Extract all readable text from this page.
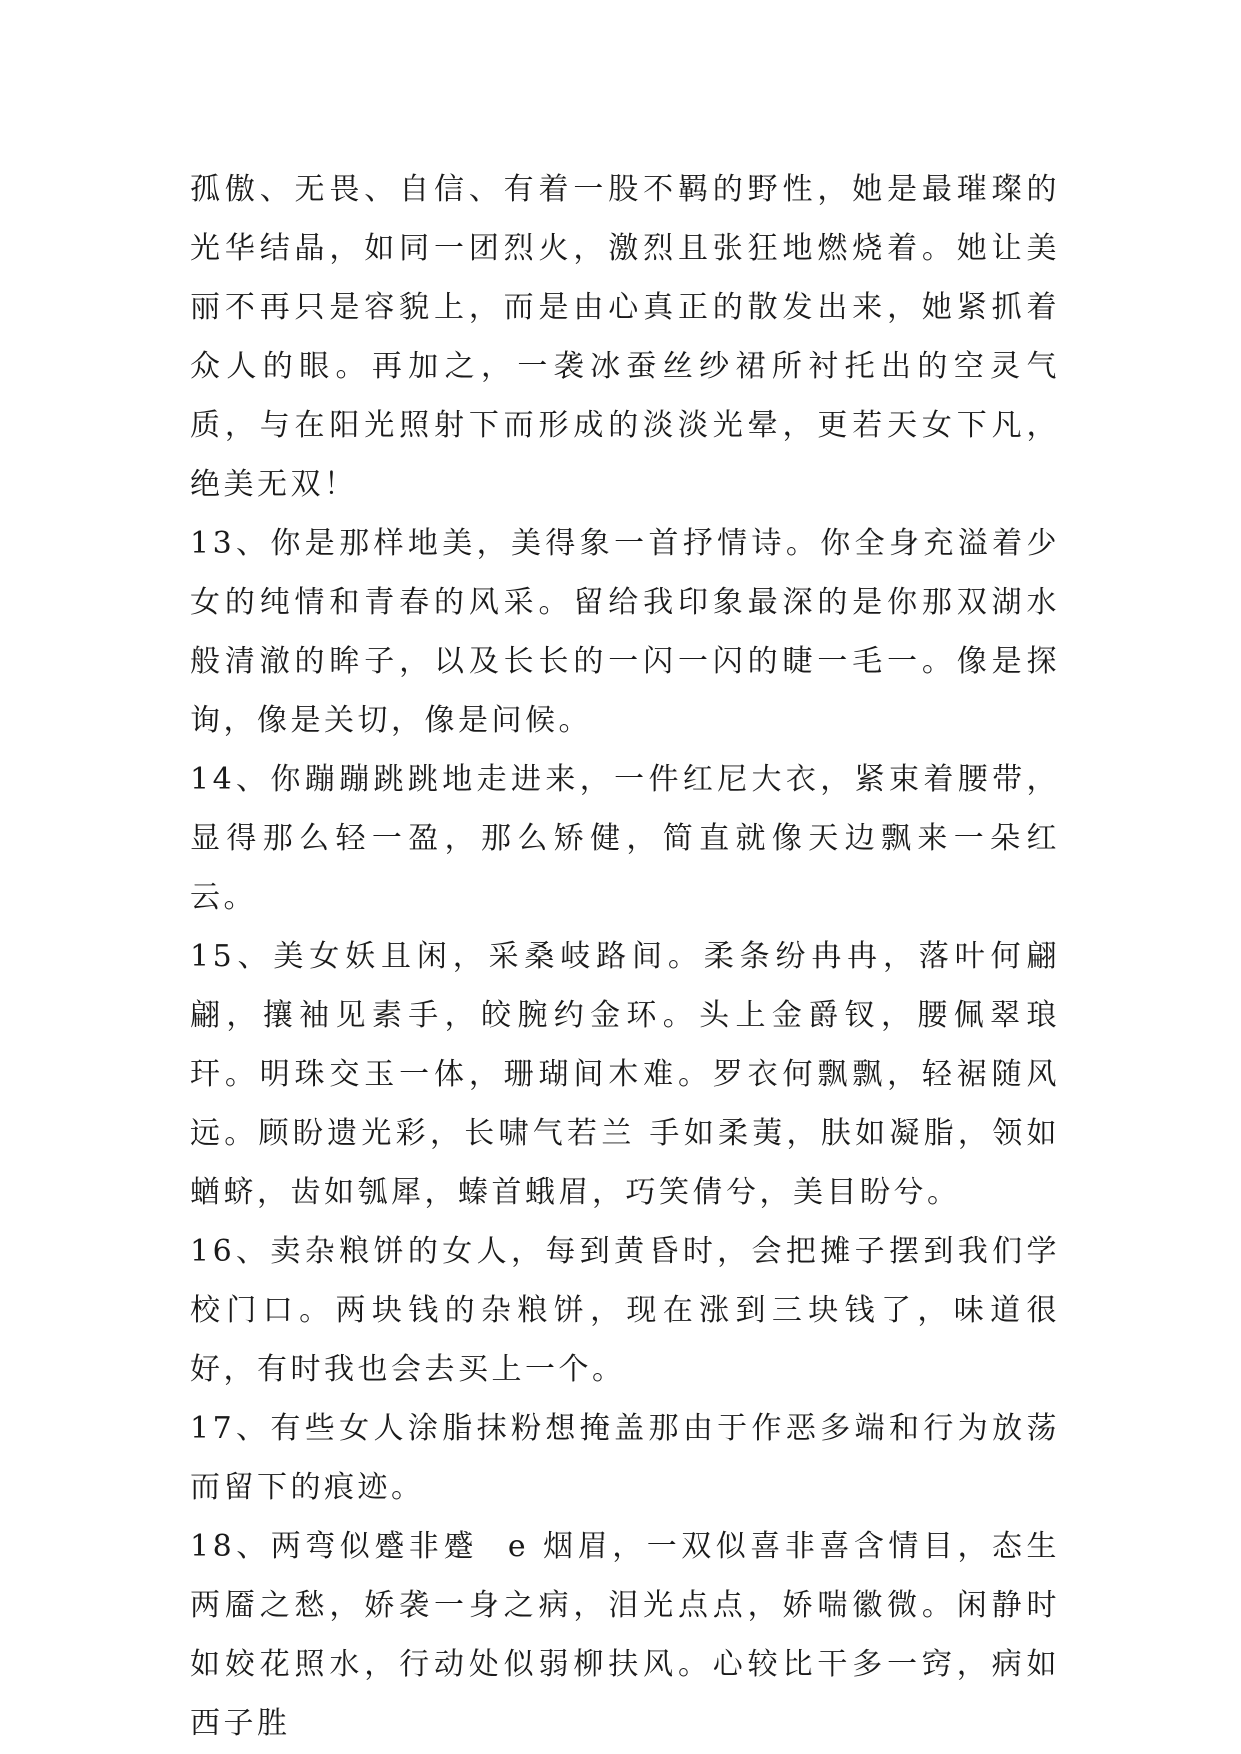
孤傲、无畏、自信、有着一股不羁的野性，她是最璀璨的光华结晶，如同一团烈火，激烈且张狂地燃烧着。她让美丽不再只是容貌上，而是由心真正的散发出来，她紧抓着众人的眼。再加之，一袭冰蚕丝纱裙所衬托出的空灵气质，与在阳光照射下而形成的淡淡光晕，更若天女下凡，绝美无双！

13、你是那样地美，美得象一首抒情诗。你全身充溢着少女的纯情和青春的风采。留给我印象最深的是你那双湖水般清澈的眸子，以及长长的一闪一闪的睫一毛一。像是探询，像是关切，像是问候。

14、你蹦蹦跳跳地走进来，一件红尼大衣，紧束着腰带，显得那么轻一盈，那么矫健，简直就像天边飘来一朵红云。

15、美女妖且闲，采桑岐路间。柔条纷冉冉，落叶何翩翩，攘袖见素手，皎腕约金环。头上金爵钗，腰佩翠琅玕。明珠交玉一体，珊瑚间木难。罗衣何飘飘，轻裾随风远。顾盼遗光彩，长啸气若兰 手如柔荑，肤如凝脂，领如蝤蛴，齿如瓠犀，螓首蛾眉，巧笑倩兮，美目盼兮。

16、卖杂粮饼的女人，每到黄昏时，会把摊子摆到我们学校门口。两块钱的杂粮饼，现在涨到三块钱了，味道很好，有时我也会去买上一个。

17、有些女人涂脂抹粉想掩盖那由于作恶多端和行为放荡而留下的痕迹。

18、两弯似蹙非蹙 e 烟眉，一双似喜非喜含情目，态生两靥之愁，娇袭一身之病，泪光点点，娇喘徽微。闲静时如姣花照水，行动处似弱柳扶风。心较比干多一窍，病如西子胜
